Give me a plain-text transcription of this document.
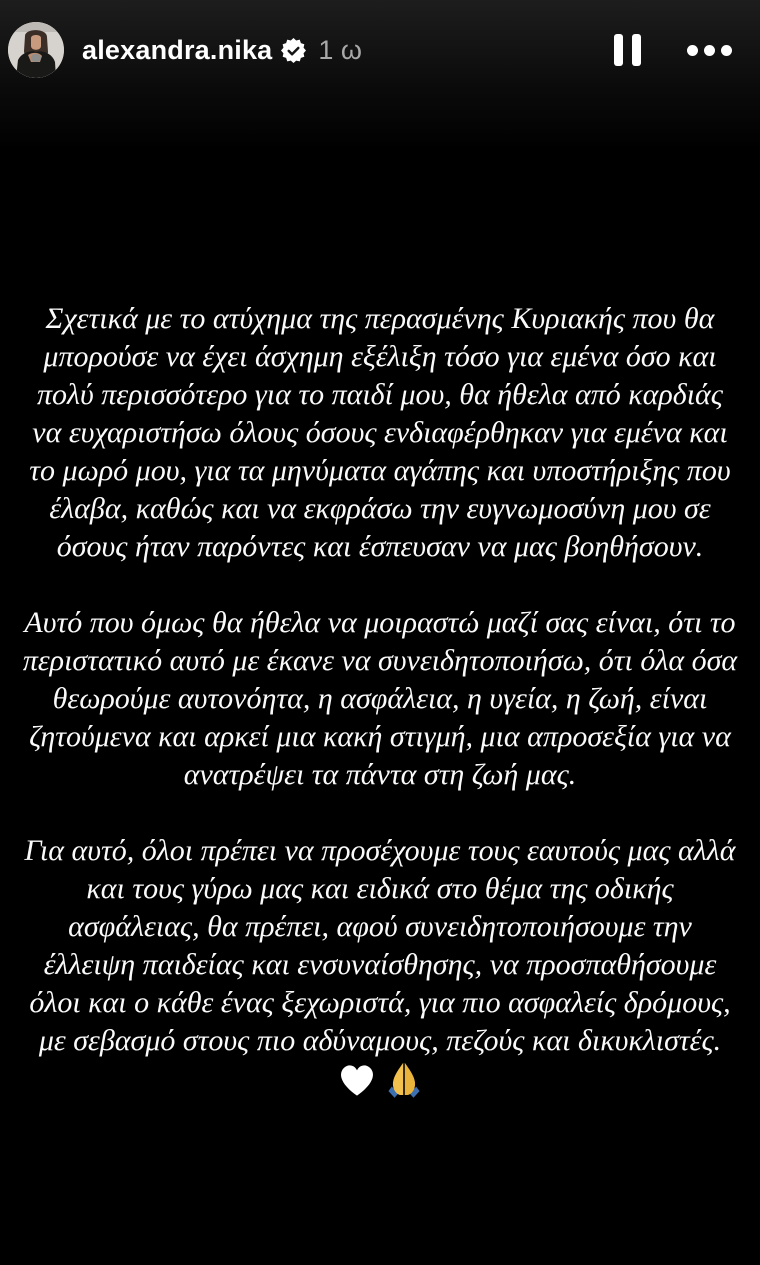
alexandra.nika 1 ω
Σχετικά με το ατύχημα της περασμένης Κυριακής που θα
μπορούσε να έχει άσχημη εξέλιξη τόσο για εμένα όσο και
πολύ περισσότερο για το παιδί μου, θα ήθελα από καρδιάς
να ευχαριστήσω όλους όσους ενδιαφέρθηκαν για εμένα και
το μωρό μου, για τα μηνύματα αγάπης και υποστήριξης που
έλαβα, καθώς και να εκφράσω την ευγνωμοσύνη μου σε
όσους ήταν παρόντες και έσπευσαν να μας βοηθήσουν.
Αυτό που όμως θα ήθελα να μοιραστώ μαζί σας είναι, ότι το
περιστατικό αυτό με έκανε να συνειδητοποιήσω, ότι όλα όσα
θεωρούμε αυτονόητα, η ασφάλεια, η υγεία, η ζωή, είναι
ζητούμενα και αρκεί μια κακή στιγμή, μια απροσεξία για να
ανατρέψει τα πάντα στη ζωή μας.
Για αυτό, όλοι πρέπει να προσέχουμε τους εαυτούς μας αλλά
και τους γύρω μας και ειδικά στο θέμα της οδικής
ασφάλειας, θα πρέπει, αφού συνειδητοποιήσουμε την
έλλειψη παιδείας και ενσυναίσθησης, να προσπαθήσουμε
όλοι και ο κάθε ένας ξεχωριστά, για πιο ασφαλείς δρόμους,
με σεβασμό στους πιο αδύναμους, πεζούς και δικυκλιστές.
